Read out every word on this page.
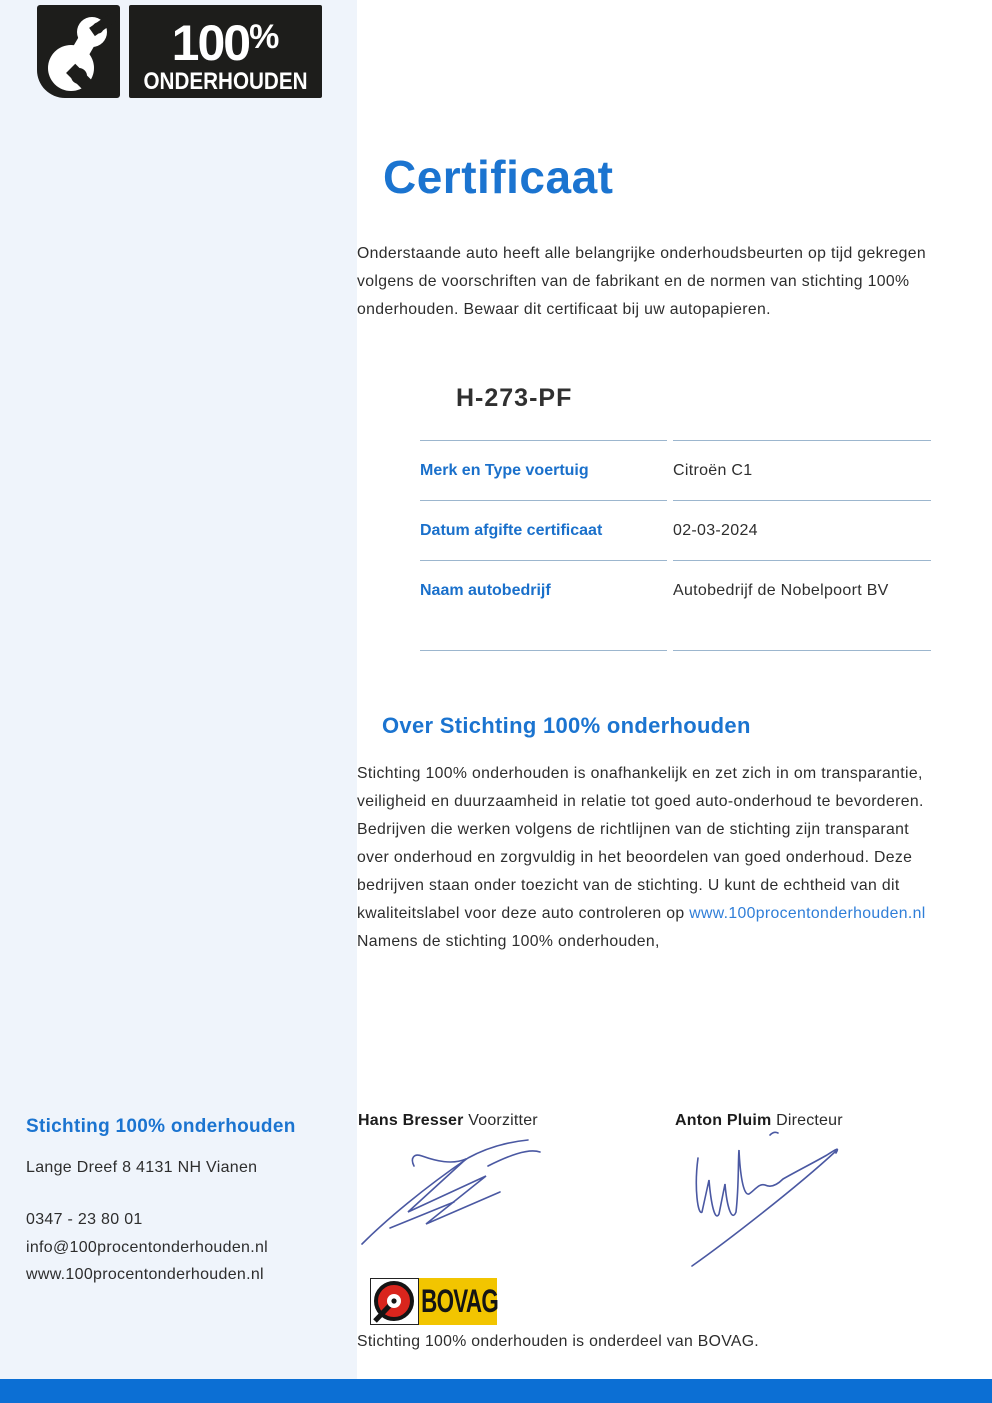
100%
ONDERHOUDEN
Certificaat
Onderstaande auto heeft alle belangrijke onderhoudsbeurten op tijd gekregen
volgens de voorschriften van de fabrikant en de normen van stichting 100%
onderhouden. Bewaar dit certificaat bij uw autopapieren.
H-273-PF
Merk en Type voertuig	Citroën C1
Datum afgifte certificaat	02-03-2024
Naam autobedrijf	Autobedrijf de Nobelpoort BV
Over Stichting 100% onderhouden
Stichting 100% onderhouden is onafhankelijk en zet zich in om transparantie,
veiligheid en duurzaamheid in relatie tot goed auto-onderhoud te bevorderen.
Bedrijven die werken volgens de richtlijnen van de stichting zijn transparant
over onderhoud en zorgvuldig in het beoordelen van goed onderhoud. Deze
bedrijven staan onder toezicht van de stichting. U kunt de echtheid van dit
kwaliteitslabel voor deze auto controleren op www.100procentonderhouden.nl
Namens de stichting 100% onderhouden,
Hans Bresser Voorzitter	Anton Pluim Directeur
BOVAG
Stichting 100% onderhouden is onderdeel van BOVAG.
Stichting 100% onderhouden
Lange Dreef 8 4131 NH Vianen
0347 - 23 80 01
info@100procentonderhouden.nl
www.100procentonderhouden.nl
